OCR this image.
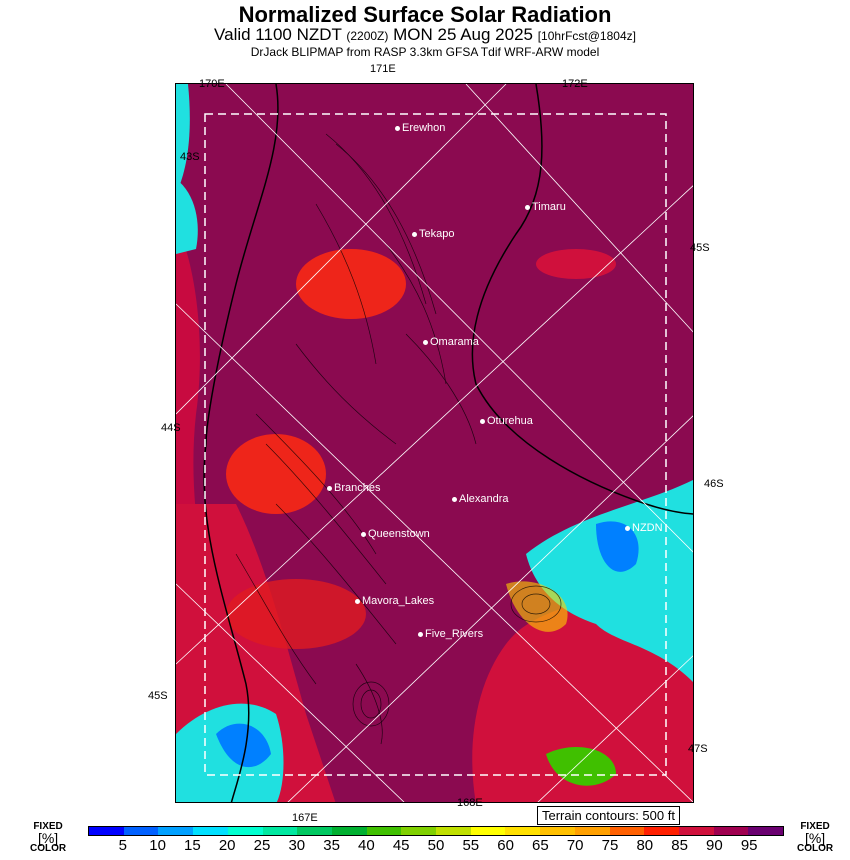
Normalized Surface Solar Radiation
Valid 1100 NZDT (2200Z) MON 25 Aug 2025 [10hrFcst@1804z]
DrJack BLIPMAP from RASP 3.3km GFSA Tdif WRF-ARW model
171E
170E	172E
167E
168E
43S
44S
45S
45S
46S
47S
Erewhon
Timaru
Tekapo
Omarama
Oturehua
Branches
Alexandra
NZDN
Queenstown
Mavora_Lakes
Five_Rivers
Terrain contours: 500 ft
FIXED
[%]
COLOR
FIXED
[%]
COLOR
5 10 15 20 25 30 35 40 45 50 55 60 65 70 75 80 85 90 95
